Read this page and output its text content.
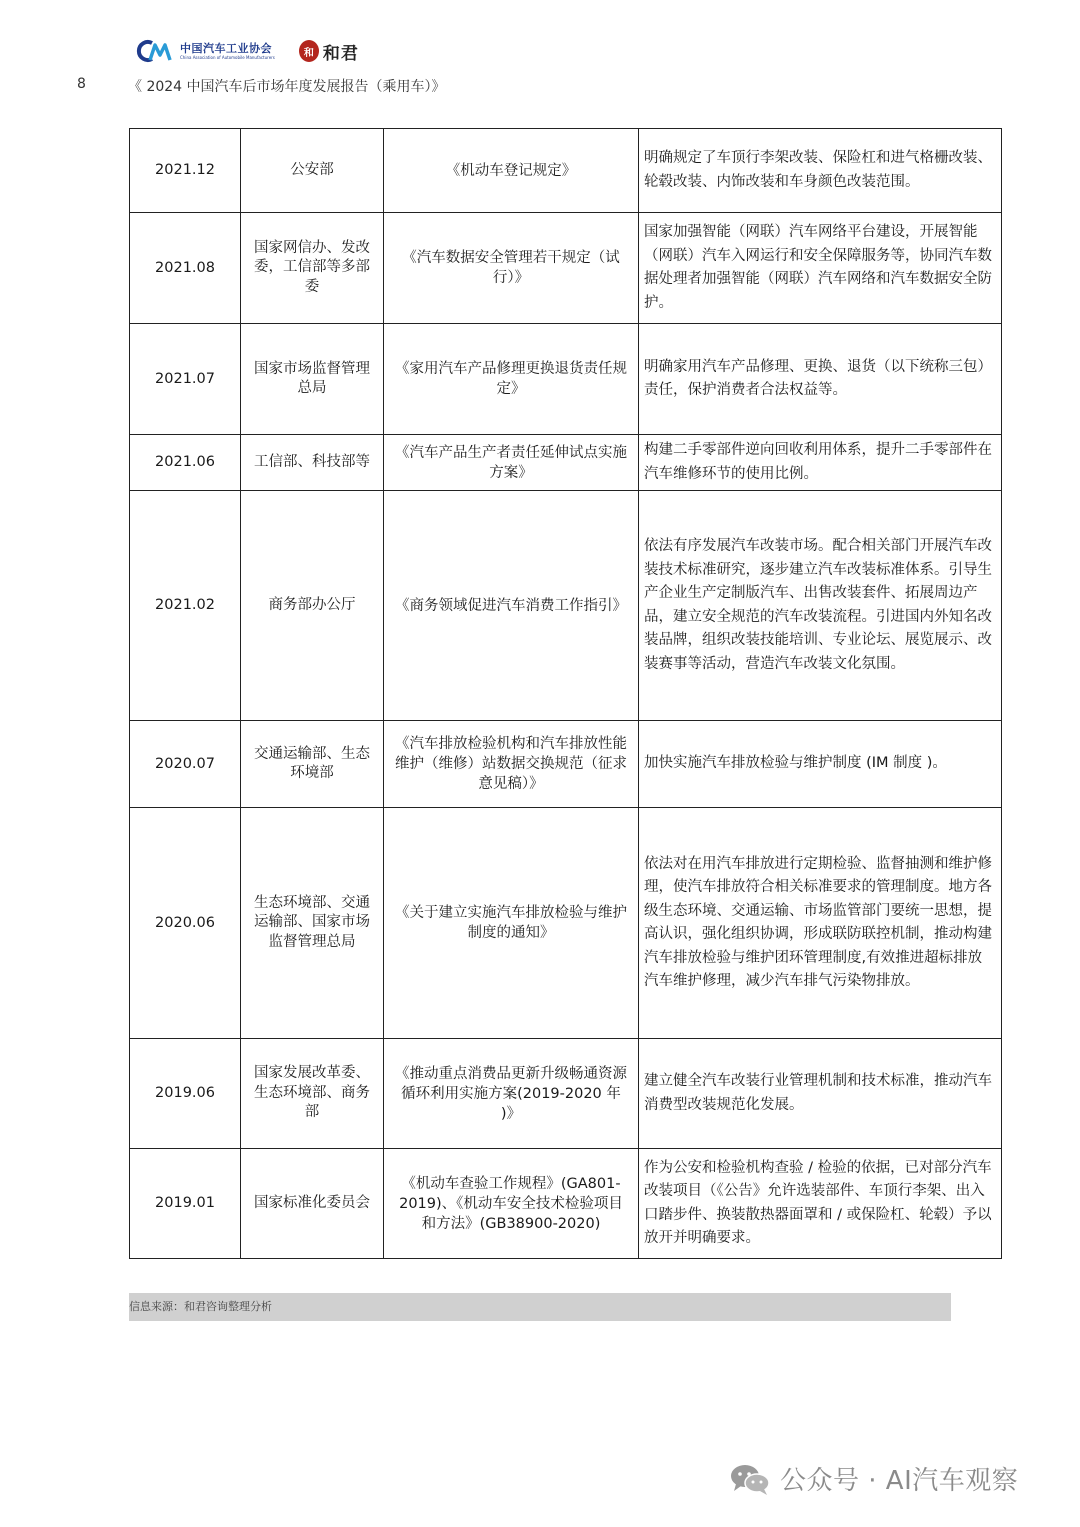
中国汽车工业协会
China Association of Automobile Manufacturers	和 和君
8	《 2024 中国汽车后市场年度发展报告（乘用车）》
2021.12	公安部	《机动车登记规定》	明确规定了车顶行李架改装、保险杠和进气格栅改装、轮毂改装、内饰改装和车身颜色改装范围。
2021.08	国家网信办、发改委，工信部等多部委	《汽车数据安全管理若干规定（试行）》	国家加强智能（网联）汽车网络平台建设，开展智能（网联）汽车入网运行和安全保障服务等，协同汽车数据处理者加强智能（网联）汽车网络和汽车数据安全防护。
2021.07	国家市场监督管理总局	《家用汽车产品修理更换退货责任规定》	明确家用汽车产品修理、更换、退货（以下统称三包）责任，保护消费者合法权益等。
2021.06	工信部、科技部等	《汽车产品生产者责任延伸试点实施方案》	构建二手零部件逆向回收利用体系，提升二手零部件在汽车维修环节的使用比例。
2021.02	商务部办公厅	《商务领域促进汽车消费工作指引》	依法有序发展汽车改装市场。配合相关部门开展汽车改装技术标准研究，逐步建立汽车改装标准体系。引导生产企业生产定制版汽车、出售改装套件、拓展周边产品，建立安全规范的汽车改装流程。引进国内外知名改装品牌，组织改装技能培训、专业论坛、展览展示、改装赛事等活动，营造汽车改装文化氛围。
2020.07	交通运输部、生态环境部	《汽车排放检验机构和汽车排放性能维护（维修）站数据交换规范（征求意见稿）》	加快实施汽车排放检验与维护制度 (IM 制度 )。
2020.06	生态环境部、交通运输部、国家市场监督管理总局	《关于建立实施汽车排放检验与维护制度的通知》	依法对在用汽车排放进行定期检验、监督抽测和维护修理，使汽车排放符合相关标准要求的管理制度。地方各级生态环境、交通运输、市场监管部门要统一思想，提高认识，强化组织协调，形成联防联控机制，推动构建汽车排放检验与维护团环管理制度,有效推进超标排放汽车维护修理，减少汽车排气污染物排放。
2019.06	国家发展改革委、生态环境部、商务部	《推动重点消费品更新升级畅通资源循环利用实施方案(2019-2020 年 )》	建立健全汽车改装行业管理机制和技术标准，推动汽车消费型改装规范化发展。
2019.01	国家标准化委员会	《机动车查验工作规程》(GA801-2019)、《机动车安全技术检验项目和方法》(GB38900-2020)	作为公安和检验机构查验 / 检验的依据，已对部分汽车改装项目（《公告》允许选装部件、车顶行李架、出入口踏步件、换装散热器面罩和 / 或保险杠、轮毂）予以放开并明确要求。
信息来源：和君咨询整理分析
公众号 · AI汽车观察
